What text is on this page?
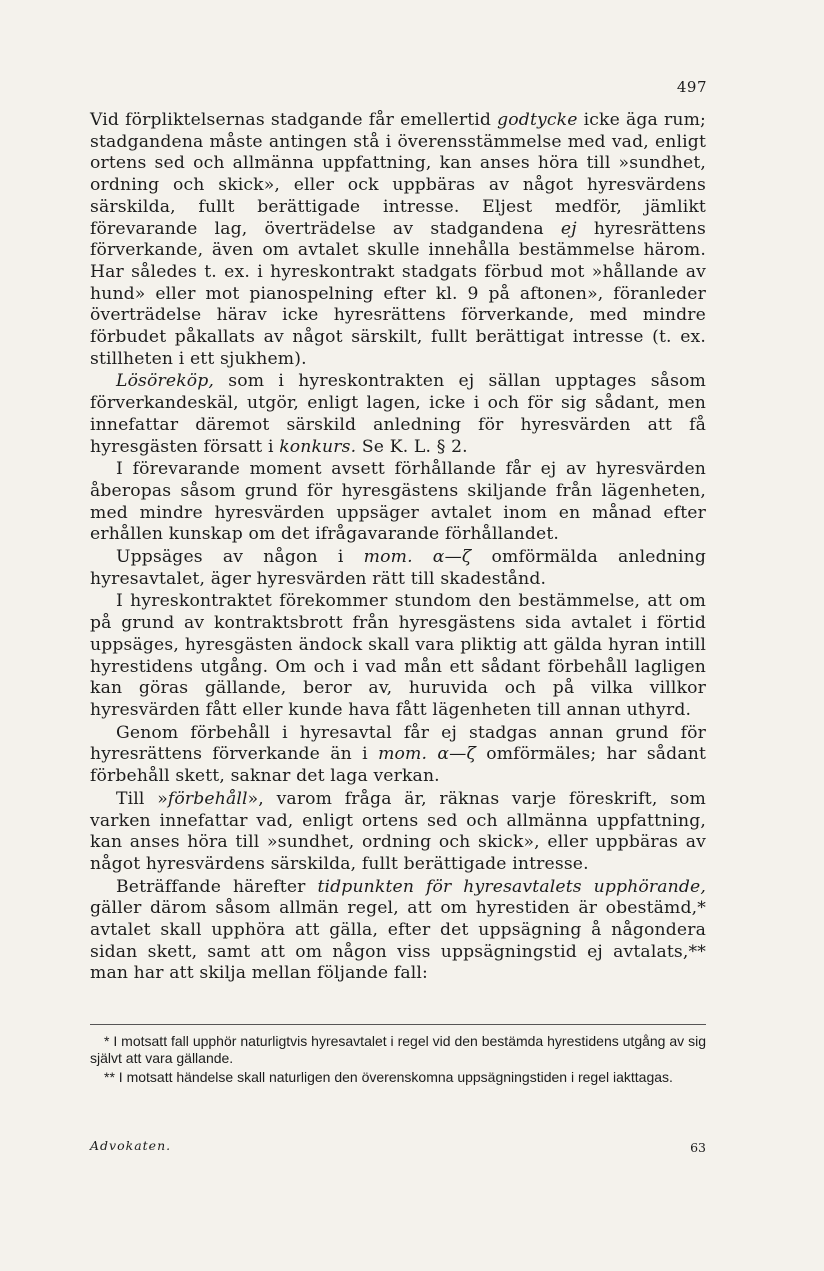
497

Vid förpliktelsernas stadgande får emellertid godtycke icke äga rum; stadgandena måste antingen stå i överensstämmelse med vad, enligt ortens sed och allmänna uppfattning, kan anses höra till »sundhet, ordning och skick», eller ock uppbäras av något hyresvärdens särskilda, fullt berättigade intresse. Eljest medför, jämlikt förevarande lag, överträdelse av stadgandena ej hyresrättens förverkande, även om avtalet skulle innehålla bestämmelse härom. Har således t. ex. i hyreskontrakt stadgats förbud mot »hållande av hund» eller mot pianospelning efter kl. 9 på aftonen», föranleder överträdelse härav icke hyresrättens förverkande, med mindre förbudet påkallats av något särskilt, fullt berättigat intresse (t. ex. stillheten i ett sjukhem).

Lösöreköp, som i hyreskontrakten ej sällan upptages såsom förverkandeskäl, utgör, enligt lagen, icke i och för sig sådant, men innefattar däremot särskild anledning för hyresvärden att få hyresgästen försatt i konkurs. Se K. L. § 2.

I förevarande moment avsett förhållande får ej av hyresvärden åberopas såsom grund för hyresgästens skiljande från lägenheten, med mindre hyresvärden uppsäger avtalet inom en månad efter erhållen kunskap om det ifrågavarande förhållandet.

Uppsäges av någon i mom. α—ζ omförmälda anledning hyresavtalet, äger hyresvärden rätt till skadestånd.

I hyreskontraktet förekommer stundom den bestämmelse, att om på grund av kontraktsbrott från hyresgästens sida avtalet i förtid uppsäges, hyresgästen ändock skall vara pliktig att gälda hyran intill hyrestidens utgång. Om och i vad mån ett sådant förbehåll lagligen kan göras gällande, beror av, huruvida och på vilka villkor hyresvärden fått eller kunde hava fått lägenheten till annan uthyrd.

Genom förbehåll i hyresavtal får ej stadgas annan grund för hyresrättens förverkande än i mom. α—ζ omförmäles; har sådant förbehåll skett, saknar det laga verkan.

Till »förbehåll», varom fråga är, räknas varje föreskrift, som varken innefattar vad, enligt ortens sed och allmänna uppfattning, kan anses höra till »sundhet, ordning och skick», eller uppbäras av något hyresvärdens särskilda, fullt berättigade intresse.

Beträffande härefter tidpunkten för hyresavtalets upphörande, gäller därom såsom allmän regel, att om hyrestiden är obestämd,* avtalet skall upphöra att gälla, efter det uppsägning å någondera sidan skett, samt att om någon viss uppsägningstid ej avtalats,** man har att skilja mellan följande fall:

* I motsatt fall upphör naturligtvis hyresavtalet i regel vid den bestämda hyrestidens utgång av sig självt att vara gällande.

** I motsatt händelse skall naturligen den överenskomna uppsägningstiden i regel iakttagas.

Advokaten.	63
